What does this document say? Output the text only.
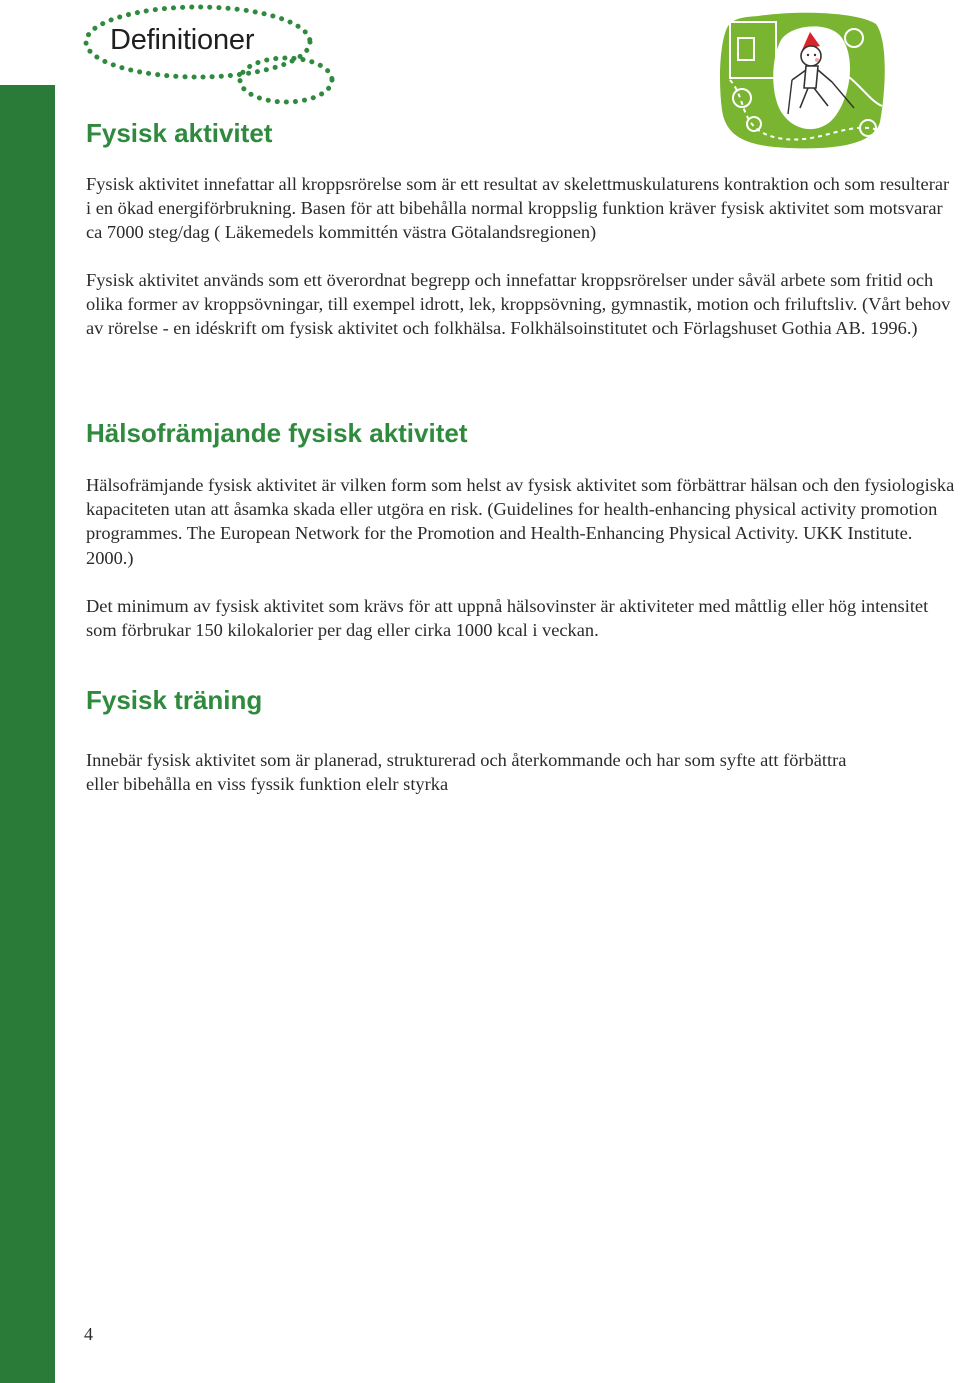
Definitioner
Fysisk aktivitet

Fysisk aktivitet innefattar all kroppsrörelse som är ett resultat av skelettmuskulaturens kontraktion och som resulterar i en ökad energiförbrukning. Basen för att bibehålla normal kroppslig funktion kräver fysisk aktivitet som motsvarar ca 7000 steg/dag ( Läkemedels kommittén västra Götalandsregionen)

Fysisk aktivitet används som ett överordnat begrepp och innefattar kroppsrörelser under såväl arbete som fritid och olika former av kroppsövningar, till exempel idrott, lek, kroppsövning, gymnastik, motion och friluftsliv. (Vårt behov av rörelse - en idéskrift om fysisk aktivitet och folkhälsa. Folkhälsoinstitutet och Förlagshuset Gothia AB. 1996.)

Hälsofrämjande fysisk aktivitet

Hälsofrämjande fysisk aktivitet är vilken form som helst av fysisk aktivitet som förbättrar hälsan och den fysiologiska kapaciteten utan att åsamka skada eller utgöra en risk. (Guidelines for health-enhancing physical activity promotion programmes. The European Network for the Promotion and Health-Enhancing Physical Activity. UKK Institute. 2000.)

Det minimum av fysisk aktivitet som krävs för att uppnå hälsovinster är aktiviteter med måttlig eller hög intensitet som förbrukar 150 kilokalorier per dag eller cirka 1000 kcal i veckan.

Fysisk träning

Innebär fysisk aktivitet som är planerad, strukturerad och återkommande och har som syfte att förbättra eller bibehålla en viss fyssik funktion elelr styrka

4
